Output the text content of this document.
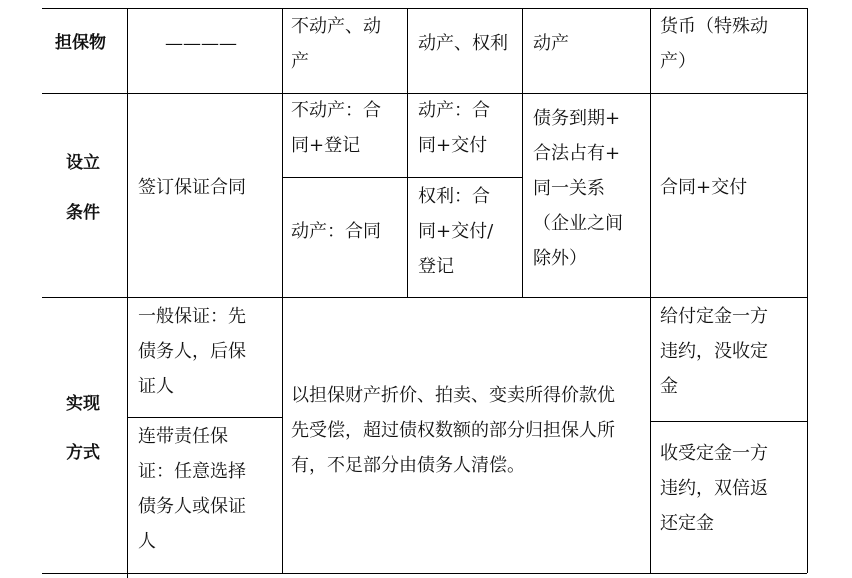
担保物	————
不动产、动
产
动产、权利 动产
货币（特殊动
产）
设立
条件
签订保证合同
不动产：合
同+登记
动产：合同
动产：合
同+交付
权利：合
同+交付/
登记
债务到期+
合法占有+
同一关系
（企业之间
除外）
合同+交付
实现
方式
一般保证：先
债务人，后保
证人
连带责任保
证：任意选择
债务人或保证
人
以担保财产折价、拍卖、变卖所得价款优
先受偿，超过债权数额的部分归担保人所
有，不足部分由债务人清偿。
给付定金一方
违约，没收定
金
收受定金一方
违约，双倍返
还定金
